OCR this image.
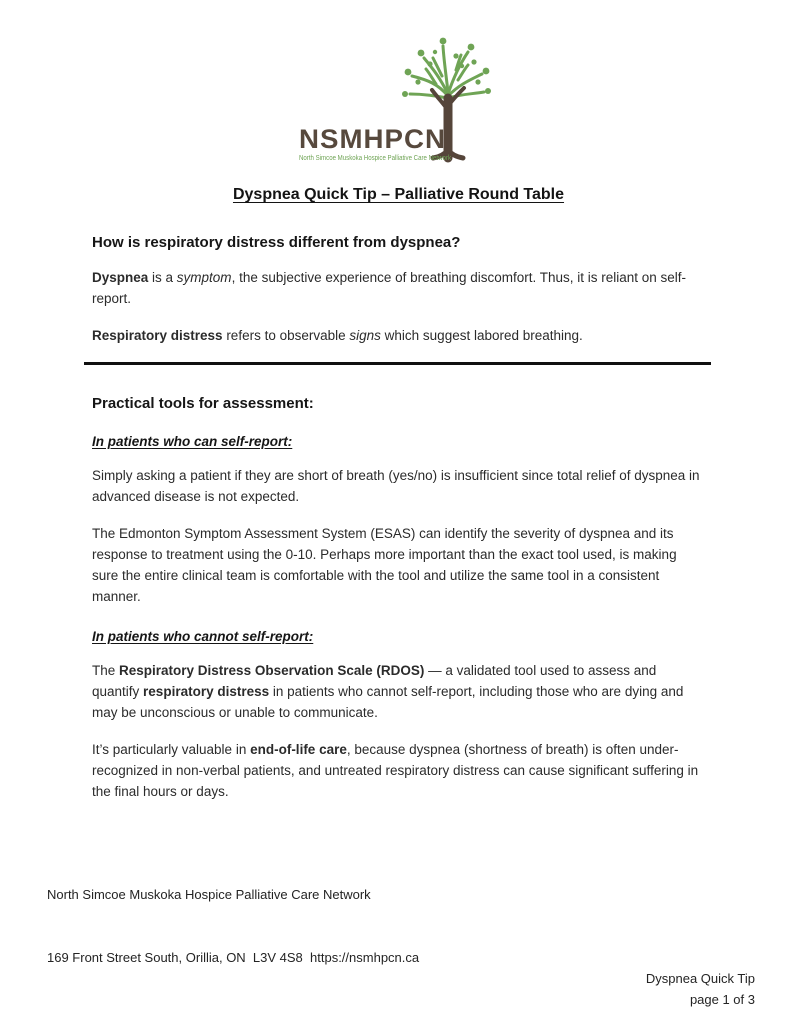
NSMHPCN
North Simcoe Muskoka Hospice Palliative Care Network
Dyspnea Quick Tip – Palliative Round Table
How is respiratory distress different from dyspnea?

Dyspnea is a symptom, the subjective experience of breathing discomfort. Thus, it is reliant on self-report.

Respiratory distress refers to observable signs which suggest labored breathing.

Practical tools for assessment:
In patients who can self-report:

Simply asking a patient if they are short of breath (yes/no) is insufficient since total relief of dyspnea in advanced disease is not expected.

The Edmonton Symptom Assessment System (ESAS) can identify the severity of dyspnea and its response to treatment using the 0-10. Perhaps more important than the exact tool used, is making sure the entire clinical team is comfortable with the tool and utilize the same tool in a consistent manner.

In patients who cannot self-report:

The Respiratory Distress Observation Scale (RDOS) — a validated tool used to assess and quantify respiratory distress in patients who cannot self-report, including those who are dying and may be unconscious or unable to communicate.

It’s particularly valuable in end-of-life care, because dyspnea (shortness of breath) is often under-recognized in non-verbal patients, and untreated respiratory distress can cause significant suffering in the final hours or days.

North Simcoe Muskoka Hospice Palliative Care Network

169 Front Street South, Orillia, ON  L3V 4S8  https://nsmhpcn.ca

Dyspnea Quick Tip
page 1 of 3
